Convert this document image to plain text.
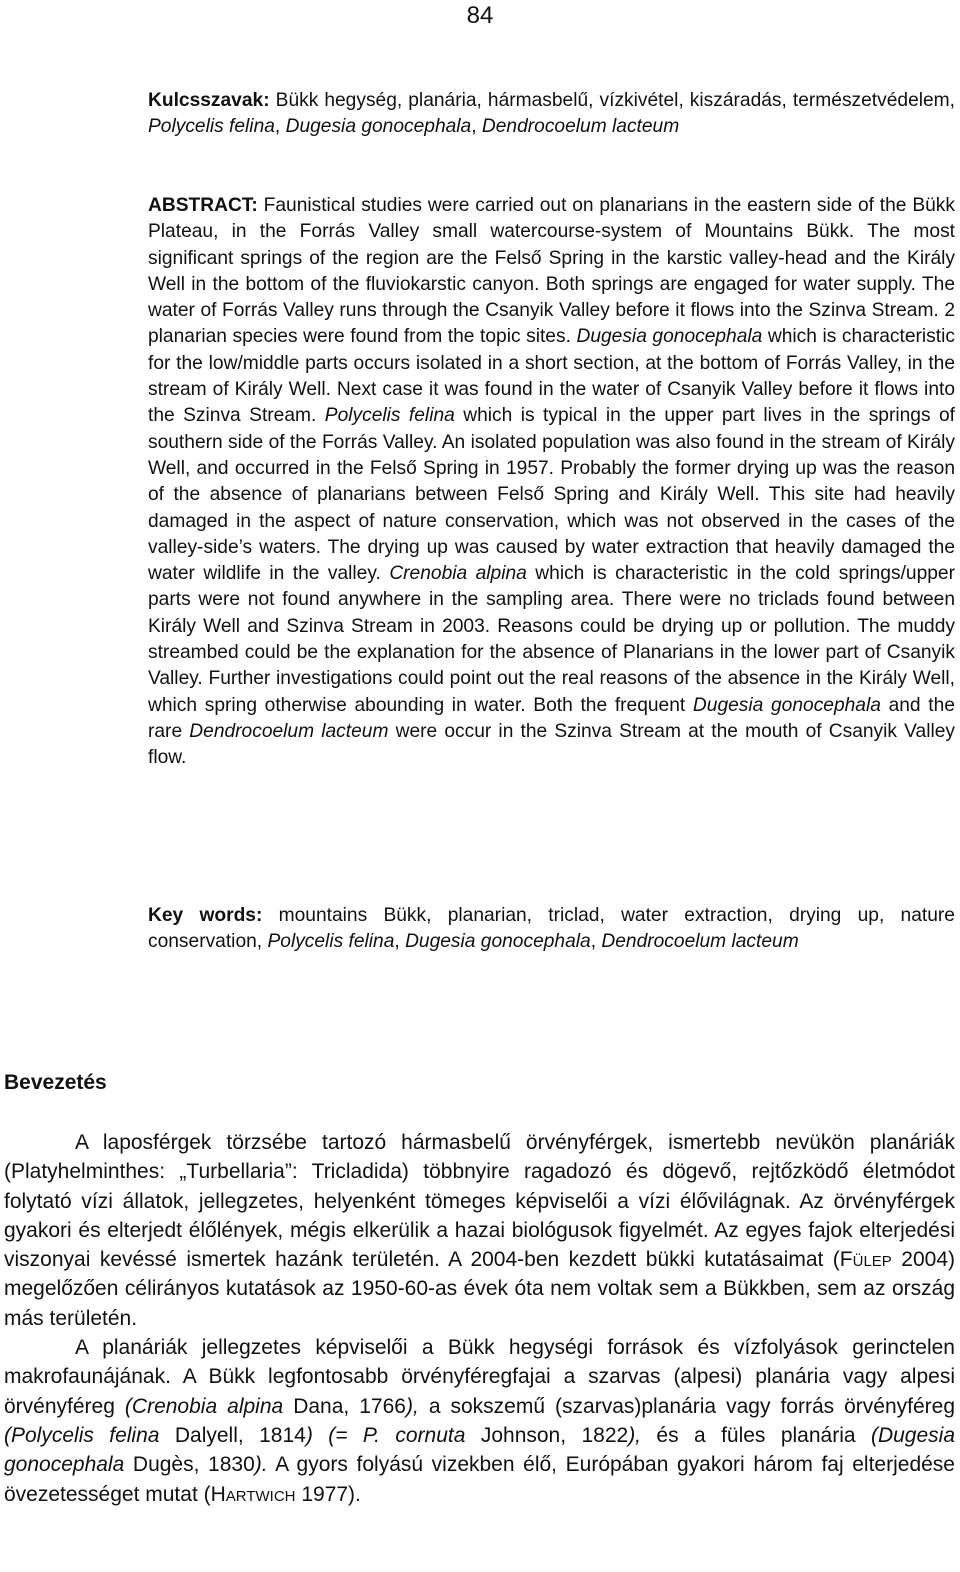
84
Kulcsszavak: Bükk hegység, planária, hármasbelű, vízkivétel, kiszáradás, természetvédelem, Polycelis felina, Dugesia gonocephala, Dendrocoelum lacteum
ABSTRACT: Faunistical studies were carried out on planarians in the eastern side of the Bükk Plateau, in the Forrás Valley small watercourse-system of Mountains Bükk. The most significant springs of the region are the Felső Spring in the karstic valley-head and the Király Well in the bottom of the fluviokarstic canyon. Both springs are engaged for water supply. The water of Forrás Valley runs through the Csanyik Valley before it flows into the Szinva Stream. 2 planarian species were found from the topic sites. Dugesia gonocephala which is characteristic for the low/middle parts occurs isolated in a short section, at the bottom of Forrás Valley, in the stream of Király Well. Next case it was found in the water of Csanyik Valley before it flows into the Szinva Stream. Polycelis felina which is typical in the upper part lives in the springs of southern side of the Forrás Valley. An isolated population was also found in the stream of Király Well, and occurred in the Felső Spring in 1957. Probably the former drying up was the reason of the absence of planarians between Felső Spring and Király Well. This site had heavily damaged in the aspect of nature conservation, which was not observed in the cases of the valley-side’s waters. The drying up was caused by water extraction that heavily damaged the water wildlife in the valley. Crenobia alpina which is characteristic in the cold springs/upper parts were not found anywhere in the sampling area. There were no triclads found between Király Well and Szinva Stream in 2003. Reasons could be drying up or pollution. The muddy streambed could be the explanation for the absence of Planarians in the lower part of Csanyik Valley. Further investigations could point out the real reasons of the absence in the Király Well, which spring otherwise abounding in water. Both the frequent Dugesia gonocephala and the rare Dendrocoelum lacteum were occur in the Szinva Stream at the mouth of Csanyik Valley flow.
Key words: mountains Bükk, planarian, triclad, water extraction, drying up, nature conservation, Polycelis felina, Dugesia gonocephala, Dendrocoelum lacteum
Bevezetés

A laposférgek törzsébe tartozó hármasbelű örvényférgek, ismertebb nevükön planáriák (Platyhelminthes: „Turbellaria”: Tricladida) többnyire ragadozó és dögevő, rejtőzködő életmódot folytató vízi állatok, jellegzetes, helyenként tömeges képviselői a vízi élővilágnak. Az örvényférgek gyakori és elterjedt élőlények, mégis elkerülik a hazai biológusok figyelmét. Az egyes fajok elterjedési viszonyai kevéssé ismertek hazánk területén. A 2004-ben kezdett bükki kutatásaimat (Fülep 2004) megelőzően célirányos kutatások az 1950-60-as évek óta nem voltak sem a Bükkben, sem az ország más területén.

A planáriák jellegzetes képviselői a Bükk hegységi források és vízfolyások gerinctelen makrofaunájának. A Bükk legfontosabb örvényféregfajai a szarvas (alpesi) planária vagy alpesi örvényféreg (Crenobia alpina Dana, 1766), a sokszemű (szarvas)planária vagy forrás örvényféreg (Polycelis felina Dalyell, 1814) (= P. cornuta Johnson, 1822), és a füles planária (Dugesia gonocephala Dugès, 1830). A gyors folyású vizekben élő, Európában gyakori három faj elterjedése övezetességet mutat (Hartwich 1977).
